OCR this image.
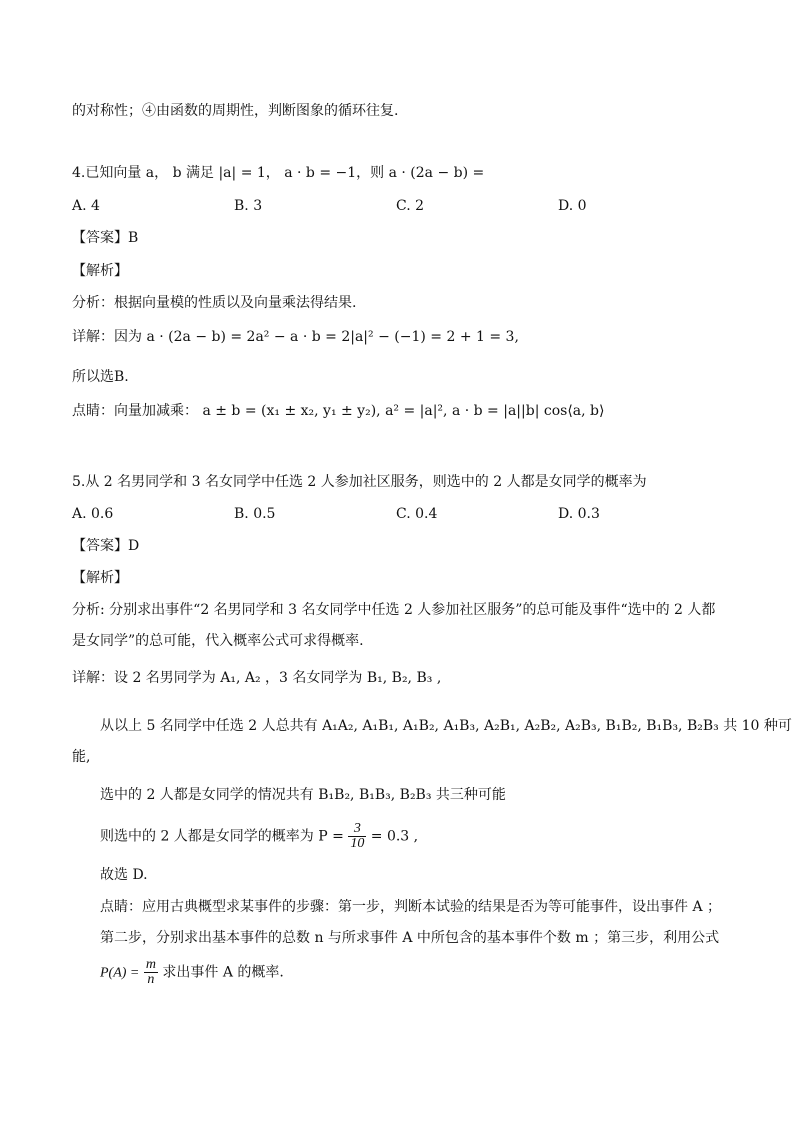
的对称性；④由函数的周期性，判断图象的循环往复.
4.已知向量 a， b 满足 |a| = 1， a · b = −1，则 a · (2a − b) =
A. 4	B. 3	C. 2	D. 0
【答案】B
【解析】
分析：根据向量模的性质以及向量乘法得结果.
详解：因为 a · (2a − b) = 2a² − a · b = 2|a|² − (−1) = 2 + 1 = 3,
所以选B.
点睛：向量加减乘： a ± b = (x₁ ± x₂, y₁ ± y₂), a² = |a|², a · b = |a||b| cos⟨a, b⟩
5.从 2 名男同学和 3 名女同学中任选 2 人参加社区服务，则选中的 2 人都是女同学的概率为
A. 0.6	B. 0.5	C. 0.4	D. 0.3
【答案】D
【解析】
分析: 分别求出事件“2 名男同学和 3 名女同学中任选 2 人参加社区服务”的总可能及事件“选中的 2 人都
是女同学”的总可能，代入概率公式可求得概率.
详解：设 2 名男同学为 A₁, A₂ ，3 名女同学为 B₁, B₂, B₃ ,
从以上 5 名同学中任选 2 人总共有 A₁A₂, A₁B₁, A₁B₂, A₁B₃, A₂B₁, A₂B₂, A₂B₃, B₁B₂, B₁B₃, B₂B₃ 共 10 种可
能,
选中的 2 人都是女同学的情况共有 B₁B₂, B₁B₃, B₂B₃ 共三种可能
则选中的 2 人都是女同学的概率为 $P = \frac{3}{10} = 0.3$ ,
故选 D.
点睛：应用古典概型求某事件的步骤：第一步，判断本试验的结果是否为等可能事件，设出事件 A ；
第二步，分别求出基本事件的总数 n 与所求事件 A 中所包含的基本事件个数 m ；第三步，利用公式
$P(A) = \frac{m}{n}$ 求出事件 A 的概率.
